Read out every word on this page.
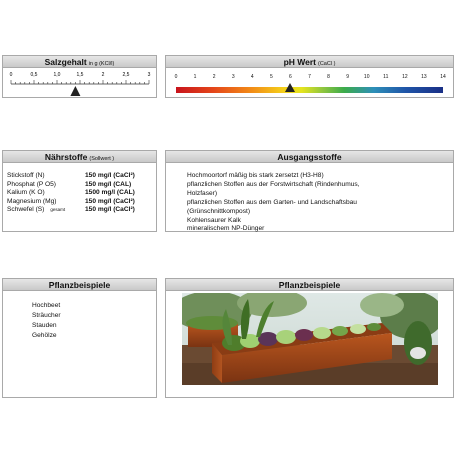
Salzgehalt in g (KCl/l)
0	0,5	1,0	1,5	2	2,5	3
pH Wert (CaCl )
0	1	2	3	4	5	6	7	8	9	10	11	12	13	14
Nährstoffe (Sollwert )
Stickstoff (N)	150 mg/l (CaCl²)
Phosphat (P O5)	150 mg/l (CAL)
Kalium (K O)	1500 mg/l (CAL)
Magnesium (Mg)	150 mg/l (CaCl²)
Schwefel (S) gesamt	150 mg/l (CaCl²)
Ausgangsstoffe
Hochmoortorf mäßig bis stark zersetzt (H3-H8)
pflanzlichen Stoffen aus der Forstwirtschaft (Rindenhumus,
Holzfaser)
pflanzlichen Stoffen aus dem Garten- und Landschaftsbau
(Grünschnittkompost)
Kohlensaurer Kalk
mineralischem NP-Dünger
Pflanzbeispiele
Hochbeet
Sträucher
Stauden
Gehölze
Pflanzbeispiele
